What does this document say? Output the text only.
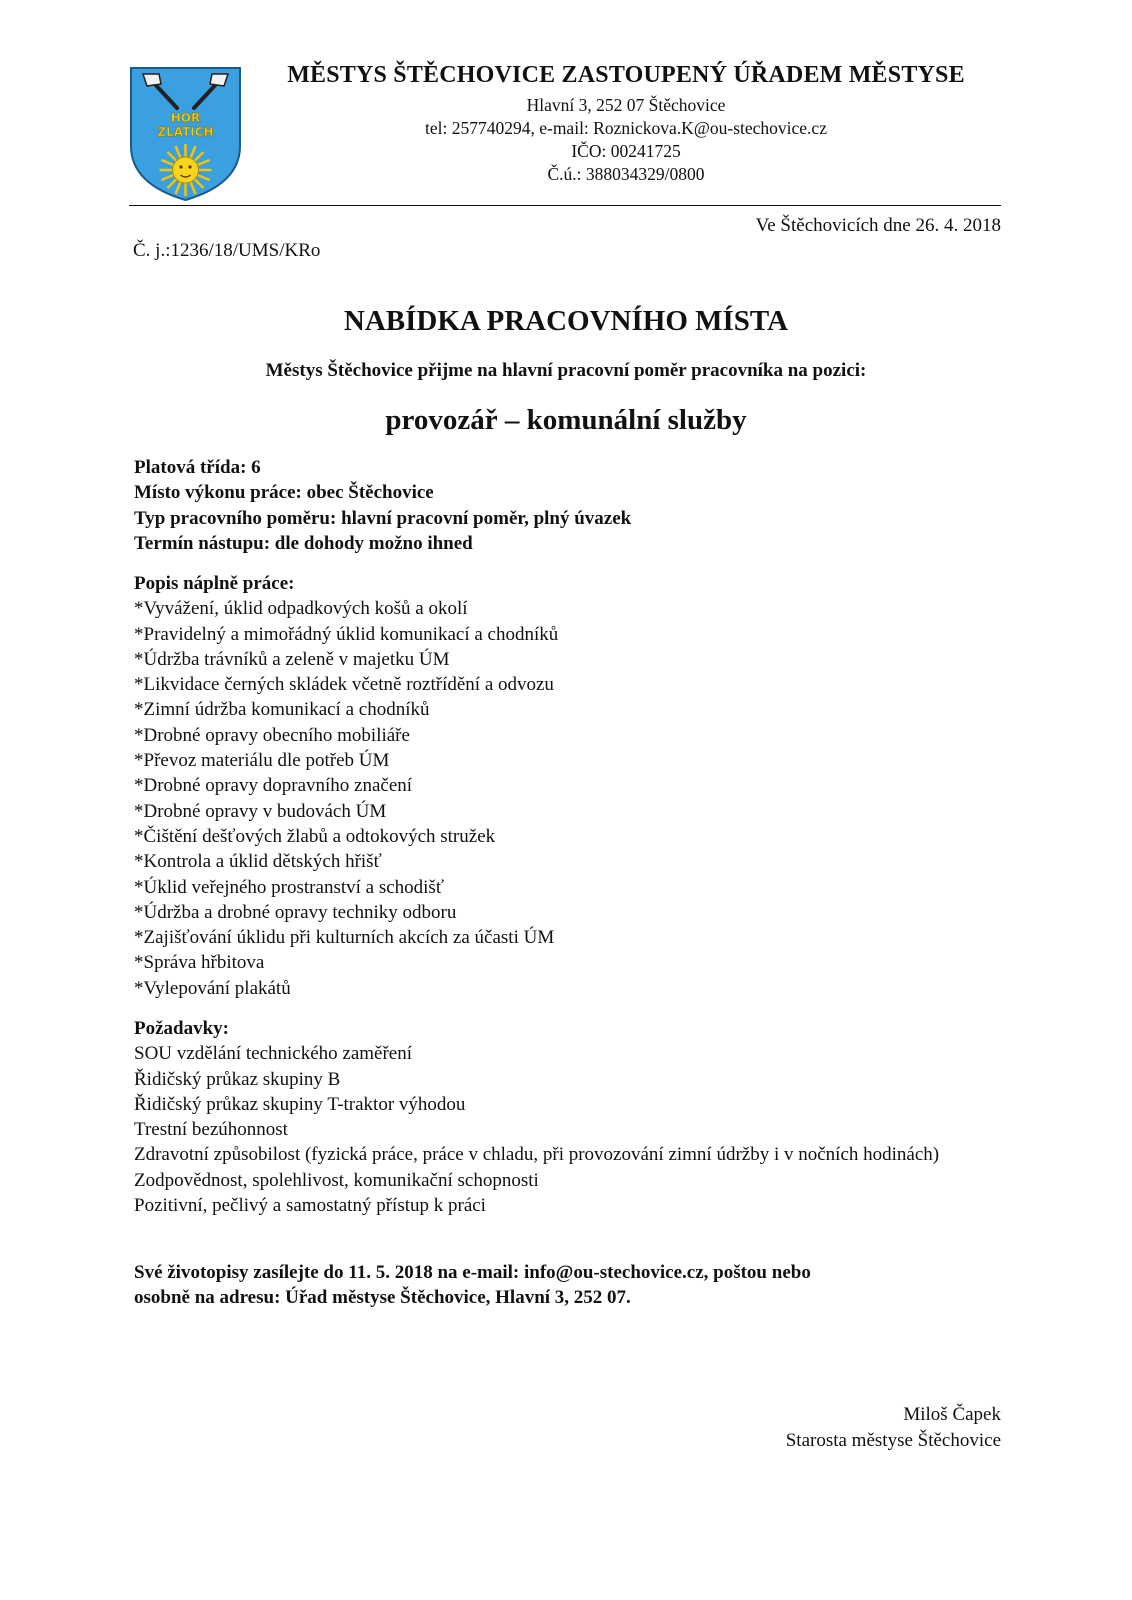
HOR
ZLATICH
MĚSTYS ŠTĚCHOVICE ZASTOUPENÝ ÚŘADEM MĚSTYSE
Hlavní 3, 252 07 Štěchovice
tel: 257740294, e-mail: Roznickova.K@ou-stechovice.cz
IČO: 00241725
Č.ú.: 388034329/0800
Ve Štěchovicích dne 26. 4. 2018
Č. j.:1236/18/UMS/KRo
NABÍDKA PRACOVNÍHO MÍSTA
Městys Štěchovice přijme na hlavní pracovní poměr pracovníka na pozici:
provozář – komunální služby
Platová třída: 6
Místo výkonu práce: obec Štěchovice
Typ pracovního poměru: hlavní pracovní poměr, plný úvazek
Termín nástupu: dle dohody možno ihned
Popis náplně práce:
*Vyvážení, úklid odpadkových košů a okolí
*Pravidelný a mimořádný úklid komunikací a chodníků
*Údržba trávníků a zeleně v majetku ÚM
*Likvidace černých skládek včetně roztřídění a odvozu
*Zimní údržba komunikací a chodníků
*Drobné opravy obecního mobiliáře
*Převoz materiálu dle potřeb ÚM
*Drobné opravy dopravního značení
*Drobné opravy v budovách ÚM
*Čištění dešťových žlabů a odtokových stružek
*Kontrola a úklid dětských hřišť
*Úklid veřejného prostranství a schodišť
*Údržba a drobné opravy techniky odboru
*Zajišťování úklidu při kulturních akcích za účasti ÚM
*Správa hřbitova
*Vylepování plakátů
Požadavky:
SOU vzdělání technického zaměření
Řidičský průkaz skupiny B
Řidičský průkaz skupiny T-traktor výhodou
Trestní bezúhonnost
Zdravotní způsobilost (fyzická práce, práce v chladu, při provozování zimní údržby i v nočních hodinách)
Zodpovědnost, spolehlivost, komunikační schopnosti
Pozitivní, pečlivý a samostatný přístup k práci
Své životopisy zasílejte do 11. 5. 2018 na e-mail: info@ou-stechovice.cz, poštou nebo
osobně na adresu: Úřad městyse Štěchovice, Hlavní 3, 252 07.
Miloš Čapek
Starosta městyse Štěchovice
